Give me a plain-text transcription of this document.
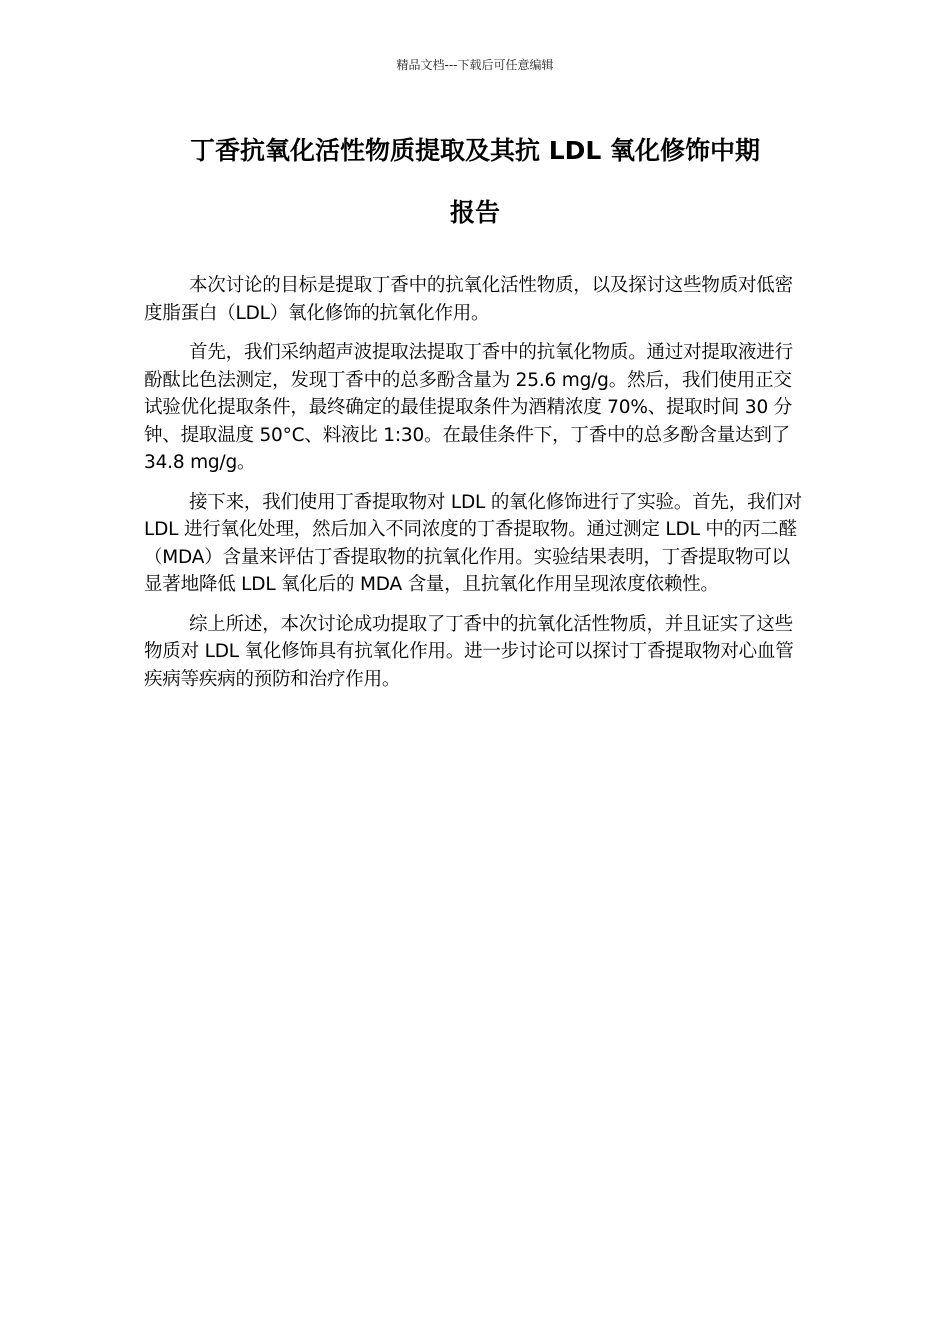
精品文档---下载后可任意编辑
丁香抗氧化活性物质提取及其抗 LDL 氧化修饰中期
报告

本次讨论的目标是提取丁香中的抗氧化活性物质，以及探讨这些物质对低密度脂蛋白（LDL）氧化修饰的抗氧化作用。

首先，我们采纳超声波提取法提取丁香中的抗氧化物质。通过对提取液进行酚酞比色法测定，发现丁香中的总多酚含量为 25.6 mg/g。然后，我们使用正交试验优化提取条件，最终确定的最佳提取条件为酒精浓度 70%、提取时间 30 分钟、提取温度 50°C、料液比 1:30。在最佳条件下，丁香中的总多酚含量达到了 34.8 mg/g。

接下来，我们使用丁香提取物对 LDL 的氧化修饰进行了实验。首先，我们对 LDL 进行氧化处理，然后加入不同浓度的丁香提取物。通过测定 LDL 中的丙二醛（MDA）含量来评估丁香提取物的抗氧化作用。实验结果表明，丁香提取物可以显著地降低 LDL 氧化后的 MDA 含量，且抗氧化作用呈现浓度依赖性。

综上所述，本次讨论成功提取了丁香中的抗氧化活性物质，并且证实了这些物质对 LDL 氧化修饰具有抗氧化作用。进一步讨论可以探讨丁香提取物对心血管疾病等疾病的预防和治疗作用。
